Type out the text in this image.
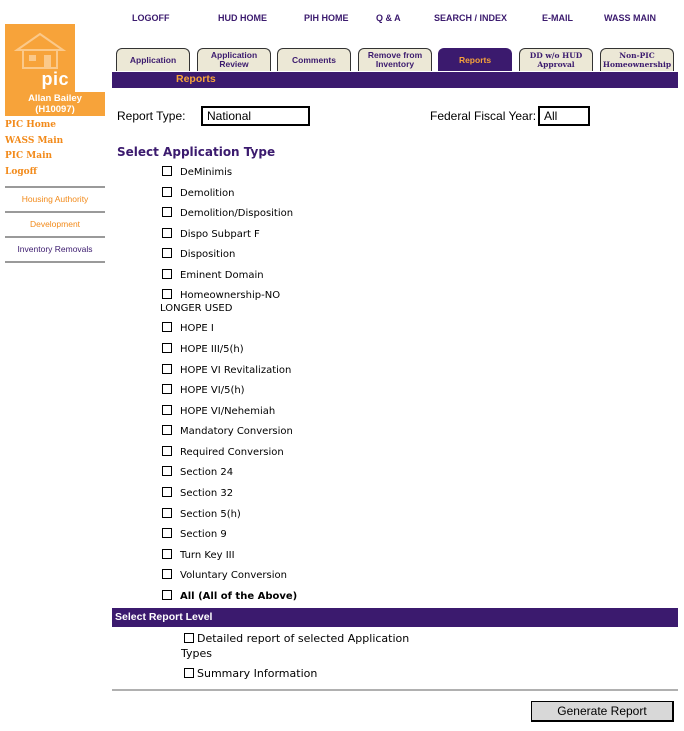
LOGOFF	HUD HOME	PIH HOME	Q & A	SEARCH / INDEX	E-MAIL	WASS MAIN
pic
Allan Bailey
(H10097)
PIC Home
WASS Main
PIC Main
Logoff
Housing Authority
Development
Inventory Removals
Application	Application Review	Comments	Remove from Inventory	Reports	DD w/o HUD Approval
Non-PIC Homeownership
Reports
Report Type:	National	Federal Fiscal Year: All
Select Application Type
DeMinimis
Demolition
Demolition/Disposition
Dispo Subpart F
Disposition
Eminent Domain
Homeownership-NO
LONGER USED
HOPE I
HOPE III/5(h)
HOPE VI Revitalization
HOPE VI/5(h)
HOPE VI/Nehemiah
Mandatory Conversion
Required Conversion
Section 24
Section 32
Section 5(h)
Section 9
Turn Key III
Voluntary Conversion
All (All of the Above)
Select Report Level
Detailed report of selected Application
Types
Summary Information
Generate Report
